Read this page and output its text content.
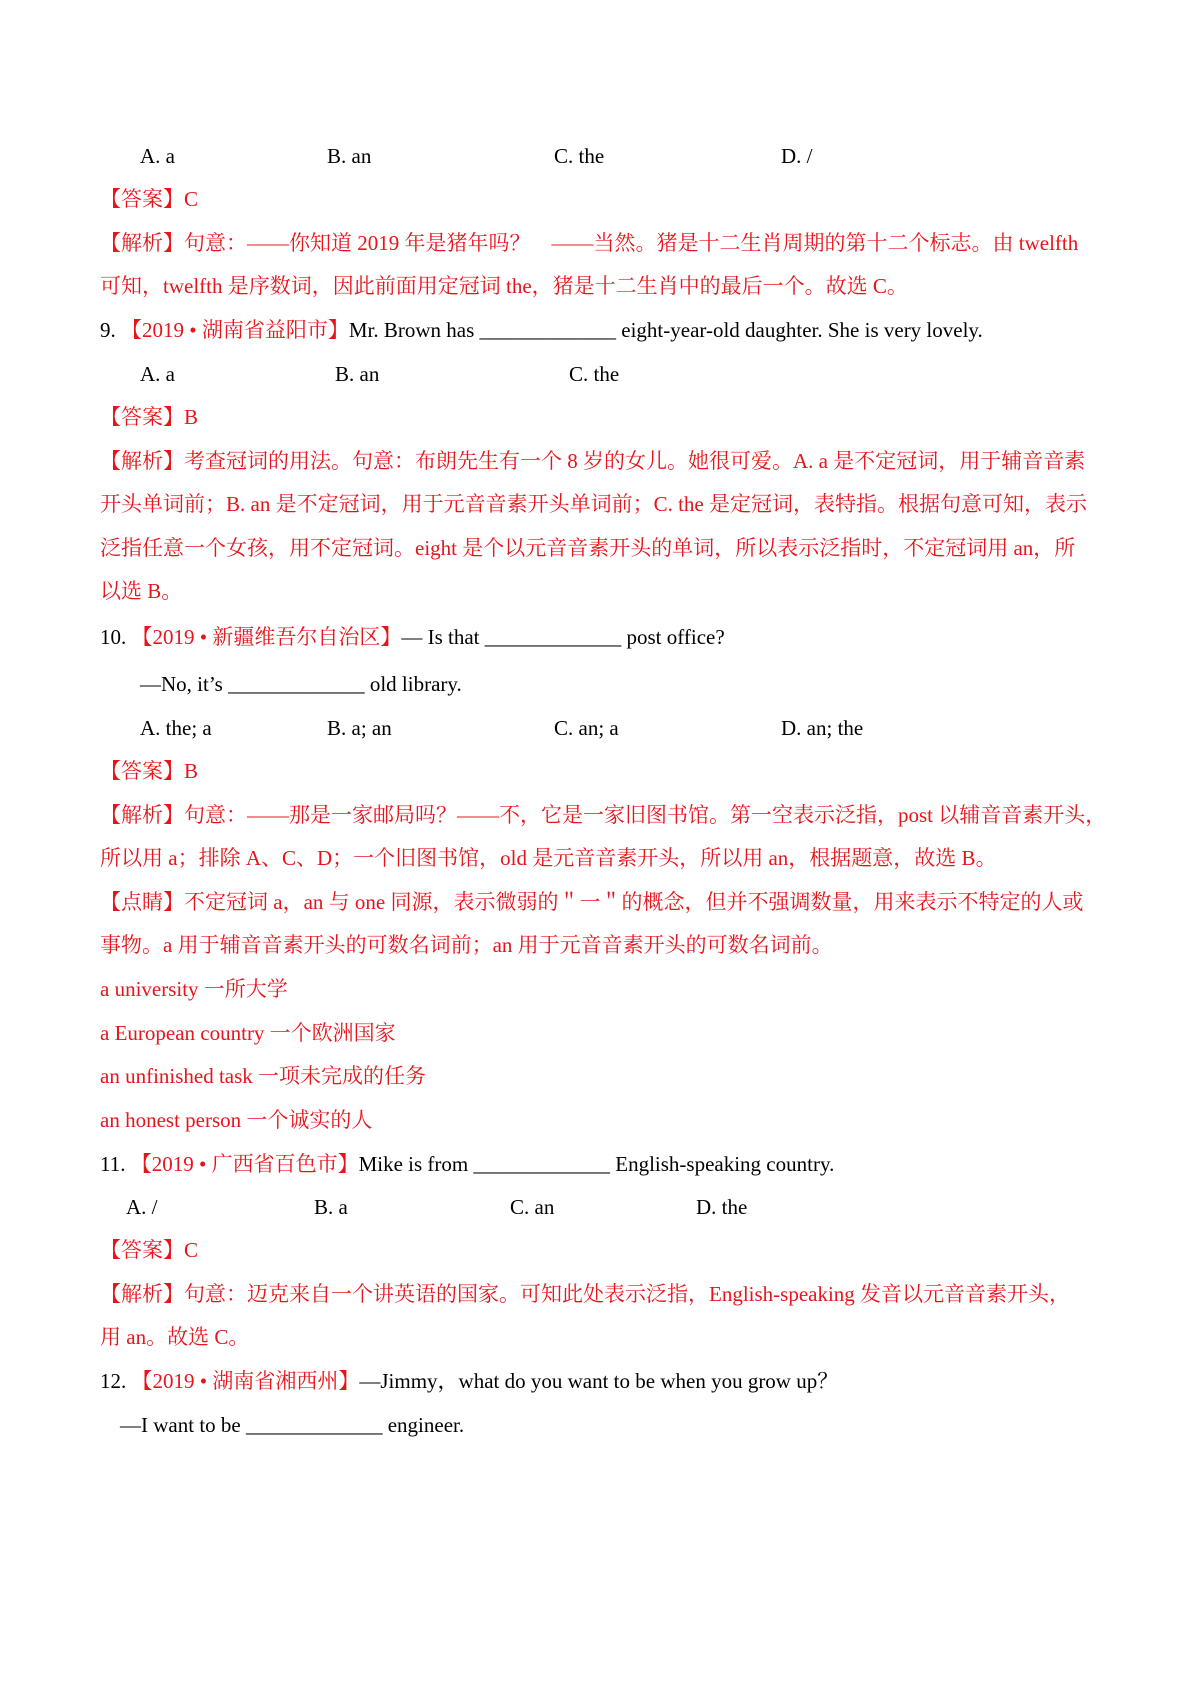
A. a	B. an	C. the	D. /
【答案】C
【解析】句意：——你知道 2019 年是猪年吗？　——当然。猪是十二生肖周期的第十二个标志。由 twelfth
可知，twelfth 是序数词，因此前面用定冠词 the，猪是十二生肖中的最后一个。故选 C。
9. 【2019 • 湖南省益阳市】Mr. Brown has _____________ eight-year-old daughter. She is very lovely.
A. a	B. an	C. the
【答案】B
【解析】考查冠词的用法。句意：布朗先生有一个 8 岁的女儿。她很可爱。A. a 是不定冠词，用于辅音音素
开头单词前；B. an 是不定冠词，用于元音音素开头单词前；C. the 是定冠词，表特指。根据句意可知，表示
泛指任意一个女孩，用不定冠词。eight 是个以元音音素开头的单词，所以表示泛指时，不定冠词用 an，所
以选 B。
10. 【2019 • 新疆维吾尔自治区】— Is that _____________ post office?
—No, it’s _____________ old library.
A. the; a	B. a; an	C. an; a	D. an; the
【答案】B
【解析】句意：——那是一家邮局吗？——不，它是一家旧图书馆。第一空表示泛指，post 以辅音音素开头，
所以用 a；排除 A、C、D；一个旧图书馆，old 是元音音素开头，所以用 an，根据题意，故选 B。
【点睛】不定冠词 a，an 与 one 同源，表示微弱的＂一＂的概念，但并不强调数量，用来表示不特定的人或
事物。a 用于辅音音素开头的可数名词前；an 用于元音音素开头的可数名词前。
a university 一所大学
a European country 一个欧洲国家
an unfinished task 一项未完成的任务
an honest person 一个诚实的人
11. 【2019 • 广西省百色市】Mike is from _____________ English-speaking country.
A. /	B. a	C. an	D. the
【答案】C
【解析】句意：迈克来自一个讲英语的国家。可知此处表示泛指，English-speaking 发音以元音音素开头，
用 an。故选 C。
12. 【2019 • 湖南省湘西州】—Jimmy，what do you want to be when you grow up？
—I want to be _____________ engineer.
